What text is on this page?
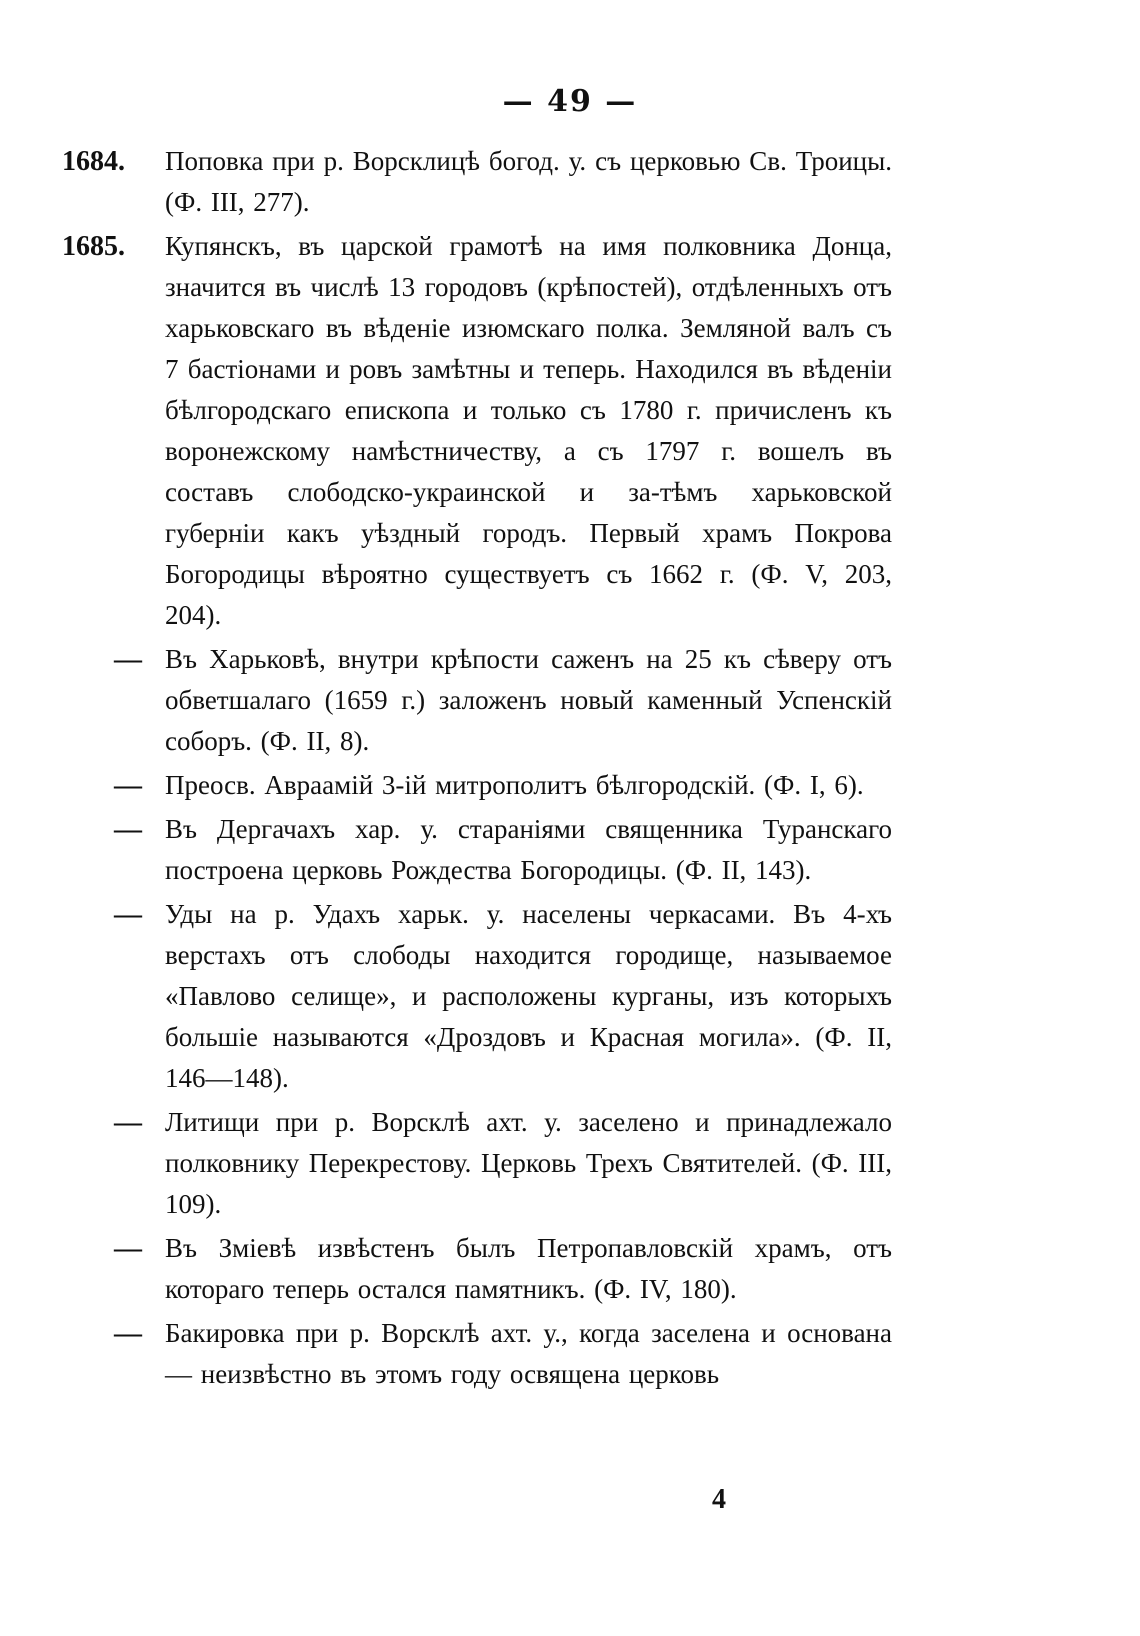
— 49 —
1684.	Поповка при р. Ворсклицѣ богод. у. съ церковью Св. Троицы. (Ф. III, 277).
1685.	Купянскъ, въ царской грамотѣ на имя полковника Донца, значится въ числѣ 13 городовъ (крѣпостей), отдѣленныхъ отъ харьковскаго въ вѣденіе изюмскаго полка. Земляной валъ съ 7 бастіонами и ровъ замѣтны и теперь. Находился въ вѣденіи бѣлгородскаго епископа и только съ 1780 г. причисленъ къ воронежскому намѣстничеству, а съ 1797 г. вошелъ въ составъ слободско-украинской и за-тѣмъ харьковской губерніи какъ уѣздный городъ. Первый храмъ Покрова Богородицы вѣроятно существуетъ съ 1662 г. (Ф. V, 203, 204).
— Въ Харьковѣ, внутри крѣпости саженъ на 25 къ сѣверу отъ обветшалаго (1659 г.) заложенъ новый каменный Успенскій соборъ. (Ф. II, 8).
— Преосв. Авраамій 3-ій митрополитъ бѣлгородскій. (Ф. I, 6).
— Въ Дергачахъ хар. у. стараніями священника Туранскаго построена церковь Рождества Богородицы. (Ф. II, 143).
— Уды на р. Удахъ харьк. у. населены черкасами. Въ 4-хъ верстахъ отъ слободы находится городище, называемое «Павлово селище», и расположены курганы, изъ которыхъ большіе называются «Дроздовъ и Красная могила». (Ф. II, 146—148).
— Литищи при р. Ворсклѣ ахт. у. заселено и принадлежало полковнику Перекрестову. Церковь Трехъ Святителей. (Ф. III, 109).
— Въ Зміевѣ извѣстенъ былъ Петропавловскій храмъ, отъ котораго теперь остался памятникъ. (Ф. IV, 180).
— Бакировка при р. Ворсклѣ ахт. у., когда заселена и основана — неизвѣстно въ этомъ году освящена церковь
4
